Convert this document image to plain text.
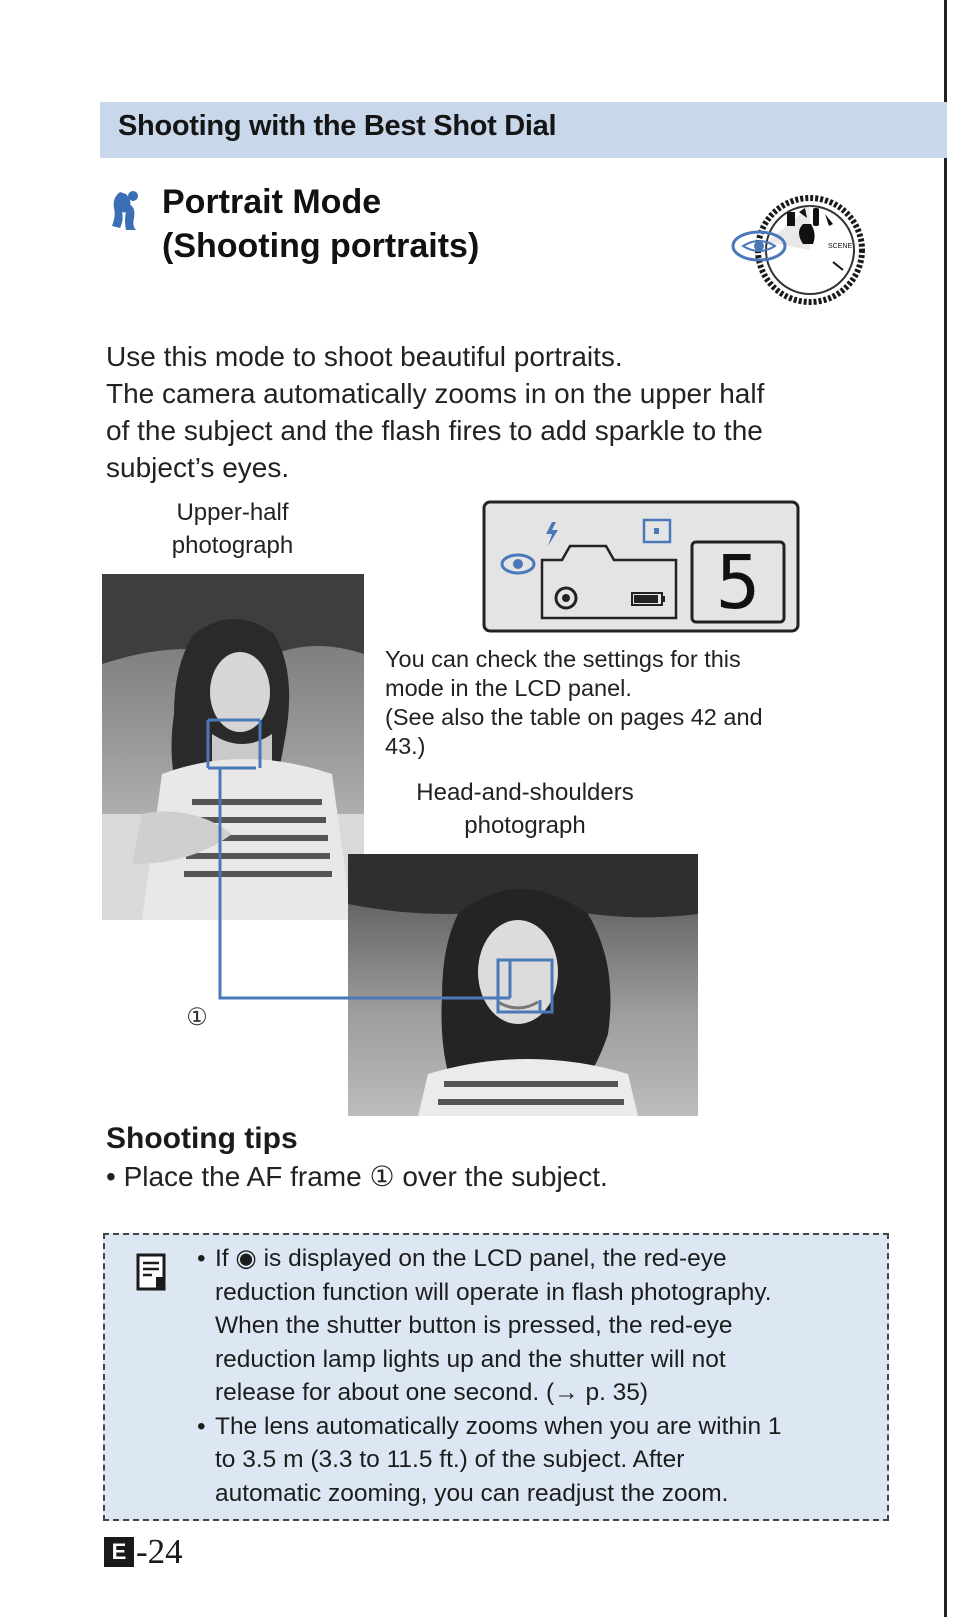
Shooting with the Best Shot Dial
Portrait Mode
(Shooting portraits)	SCENE
Use this mode to shoot beautiful portraits.
The camera automatically zooms in on the upper half
of the subject and the flash fires to add sparkle to the
subject’s eyes.
Upper-half
photograph	5
You can check the settings for this
mode in the LCD panel.
(See also the table on pages 42 and
43.)
Head-and-shoulders
photograph
①
Shooting tips
• Place the AF frame ① over the subject.
• If ◉ is displayed on the LCD panel, the red-eye
reduction function will operate in flash photography.
When the shutter button is pressed, the red-eye
reduction lamp lights up and the shutter will not
release for about one second. (→ p. 35)
• The lens automatically zooms when you are within 1
to 3.5 m (3.3 to 11.5 ft.) of the subject. After
automatic zooming, you can readjust the zoom.
E -24
